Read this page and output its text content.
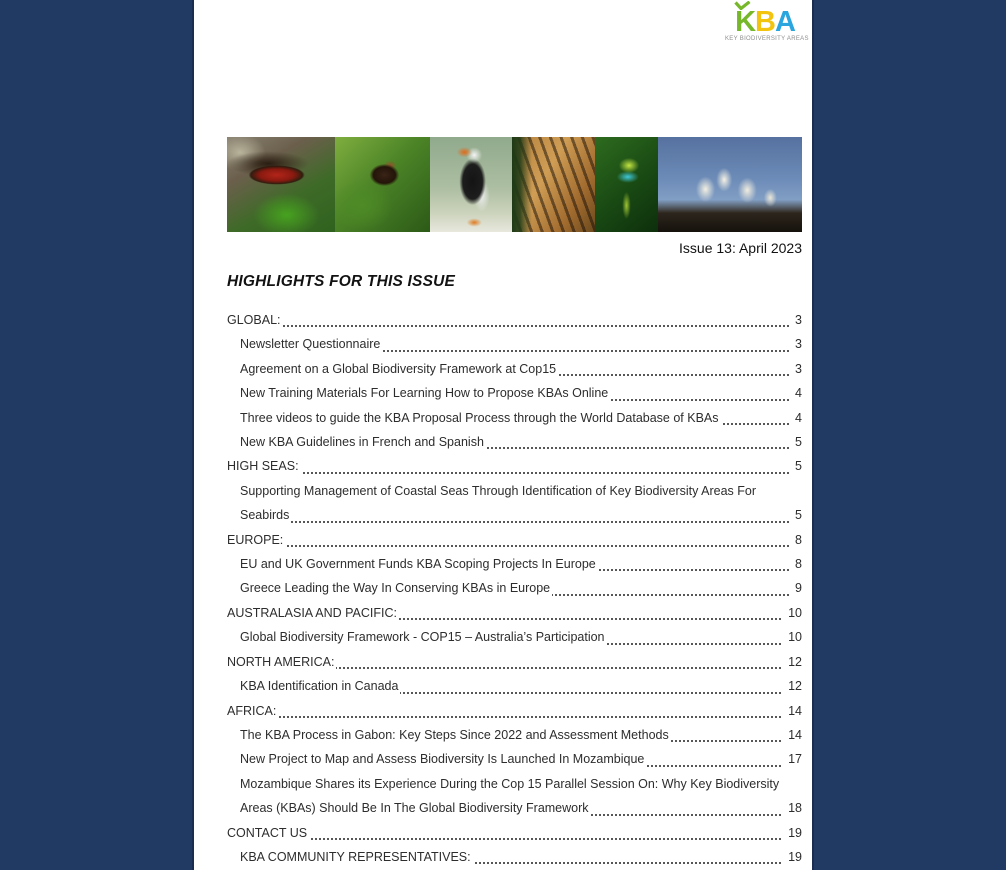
KBA
KEY BIODIVERSITY AREAS
Issue 13: April 2023
HIGHLIGHTS FOR THIS ISSUE
GLOBAL:	3
Newsletter Questionnaire	3
Agreement on a Global Biodiversity Framework at Cop15	3
New Training Materials For Learning How to Propose KBAs Online	4
Three videos to guide the KBA Proposal Process through the World Database of KBAs	4
New KBA Guidelines in French and Spanish	5
HIGH SEAS:	5
Supporting Management of Coastal Seas Through Identification of Key Biodiversity Areas For Seabirds	5
EUROPE:	8
EU and UK Government Funds KBA Scoping Projects In Europe	8
Greece Leading the Way In Conserving KBAs in Europe	9
AUSTRALASIA AND PACIFIC:	10
Global Biodiversity Framework - COP15 – Australia’s Participation	10
NORTH AMERICA:	12
KBA Identification in Canada	12
AFRICA:	14
The KBA Process in Gabon: Key Steps Since 2022 and Assessment Methods	14
New Project to Map and Assess Biodiversity Is Launched In Mozambique	17
Mozambique Shares its Experience During the Cop 15 Parallel Session On: Why Key Biodiversity Areas (KBAs) Should Be In The Global Biodiversity Framework	18
CONTACT US	19
KBA COMMUNITY REPRESENTATIVES:	19
